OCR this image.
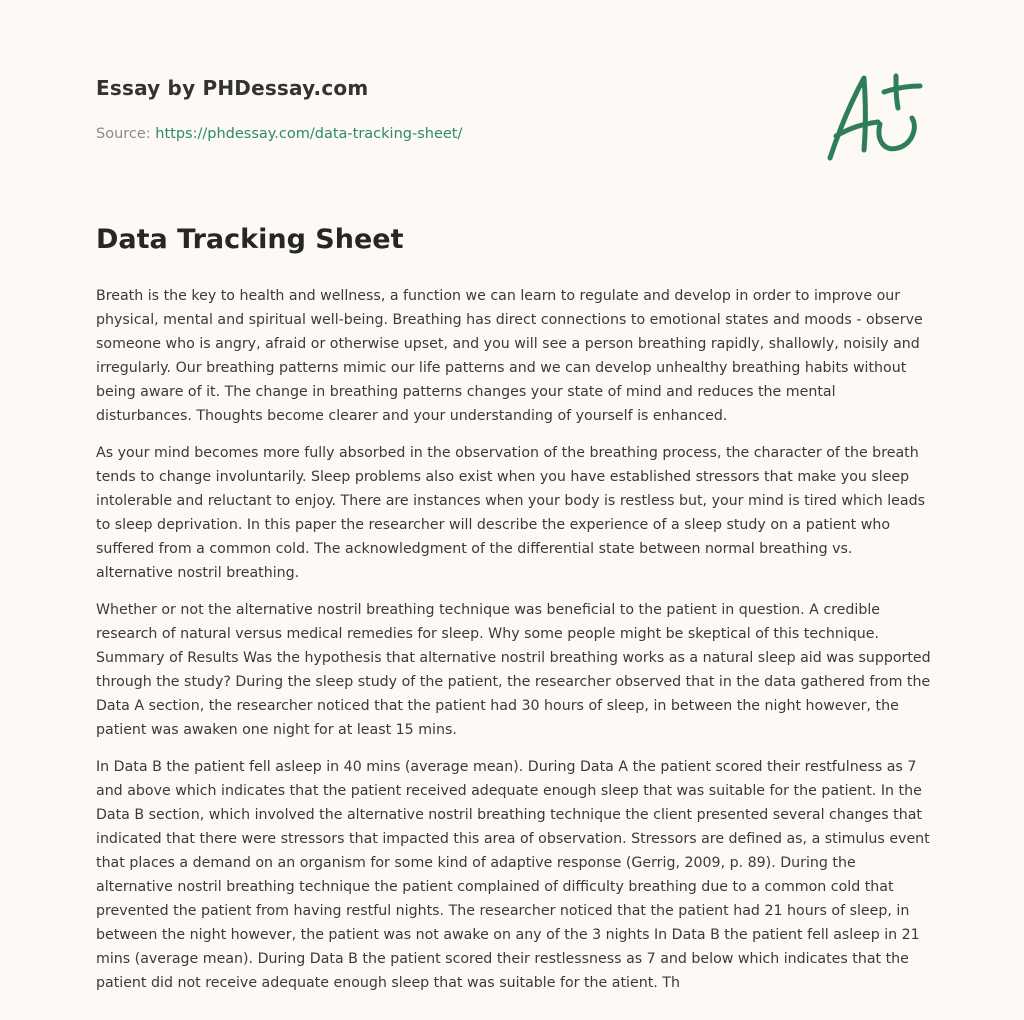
Essay by PHDessay.com
Source: https://phdessay.com/data-tracking-sheet/
Data Tracking Sheet

Breath is the key to health and wellness, a function we can learn to regulate and develop in order to improve our physical, mental and spiritual well-being. Breathing has direct connections to emotional states and moods - observe someone who is angry, afraid or otherwise upset, and you will see a person breathing rapidly, shallowly, noisily and irregularly. Our breathing patterns mimic our life patterns and we can develop unhealthy breathing habits without being aware of it. The change in breathing patterns changes your state of mind and reduces the mental disturbances. Thoughts become clearer and your understanding of yourself is enhanced.

As your mind becomes more fully absorbed in the observation of the breathing process, the character of the breath tends to change involuntarily. Sleep problems also exist when you have established stressors that make you sleep intolerable and reluctant to enjoy. There are instances when your body is restless but, your mind is tired which leads to sleep deprivation. In this paper the researcher will describe the experience of a sleep study on a patient who suffered from a common cold. The acknowledgment of the differential state between normal breathing vs. alternative nostril breathing.

Whether or not the alternative nostril breathing technique was beneficial to the patient in question. A credible research of natural versus medical remedies for sleep. Why some people might be skeptical of this technique. Summary of Results Was the hypothesis that alternative nostril breathing works as a natural sleep aid was supported through the study? During the sleep study of the patient, the researcher observed that in the data gathered from the Data A section, the researcher noticed that the patient had 30 hours of sleep, in between the night however, the patient was awaken one night for at least 15 mins.

In Data B the patient fell asleep in 40 mins (average mean). During Data A the patient scored their restfulness as 7 and above which indicates that the patient received adequate enough sleep that was suitable for the patient. In the Data B section, which involved the alternative nostril breathing technique the client presented several changes that indicated that there were stressors that impacted this area of observation. Stressors are defined as, a stimulus event that places a demand on an organism for some kind of adaptive response (Gerrig, 2009, p. 89). During the alternative nostril breathing technique the patient complained of difficulty breathing due to a common cold that prevented the patient from having restful nights. The researcher noticed that the patient had 21 hours of sleep, in between the night however, the patient was not awake on any of the 3 nights In Data B the patient fell asleep in 21 mins (average mean). During Data B the patient scored their restlessness as 7 and below which indicates that the patient did not receive adequate enough sleep that was suitable for the atient. Th
